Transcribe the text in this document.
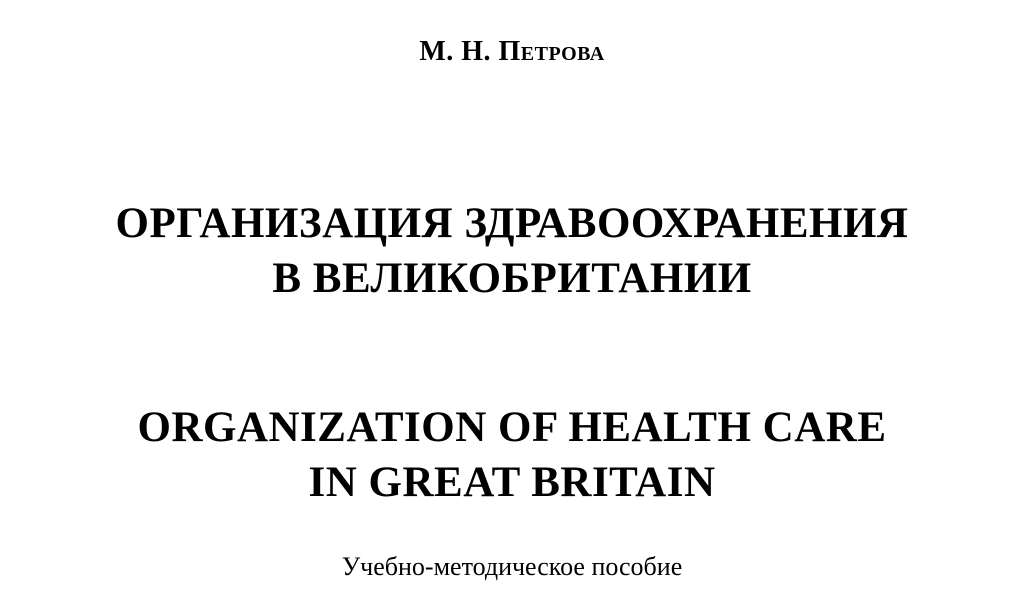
М. Н. Петрова
ОРГАНИЗАЦИЯ ЗДРАВООХРАНЕНИЯ
В ВЕЛИКОБРИТАНИИ
ORGANIZATION OF HEALTH CARE
IN GREAT BRITAIN
Учебно-методическое пособие
